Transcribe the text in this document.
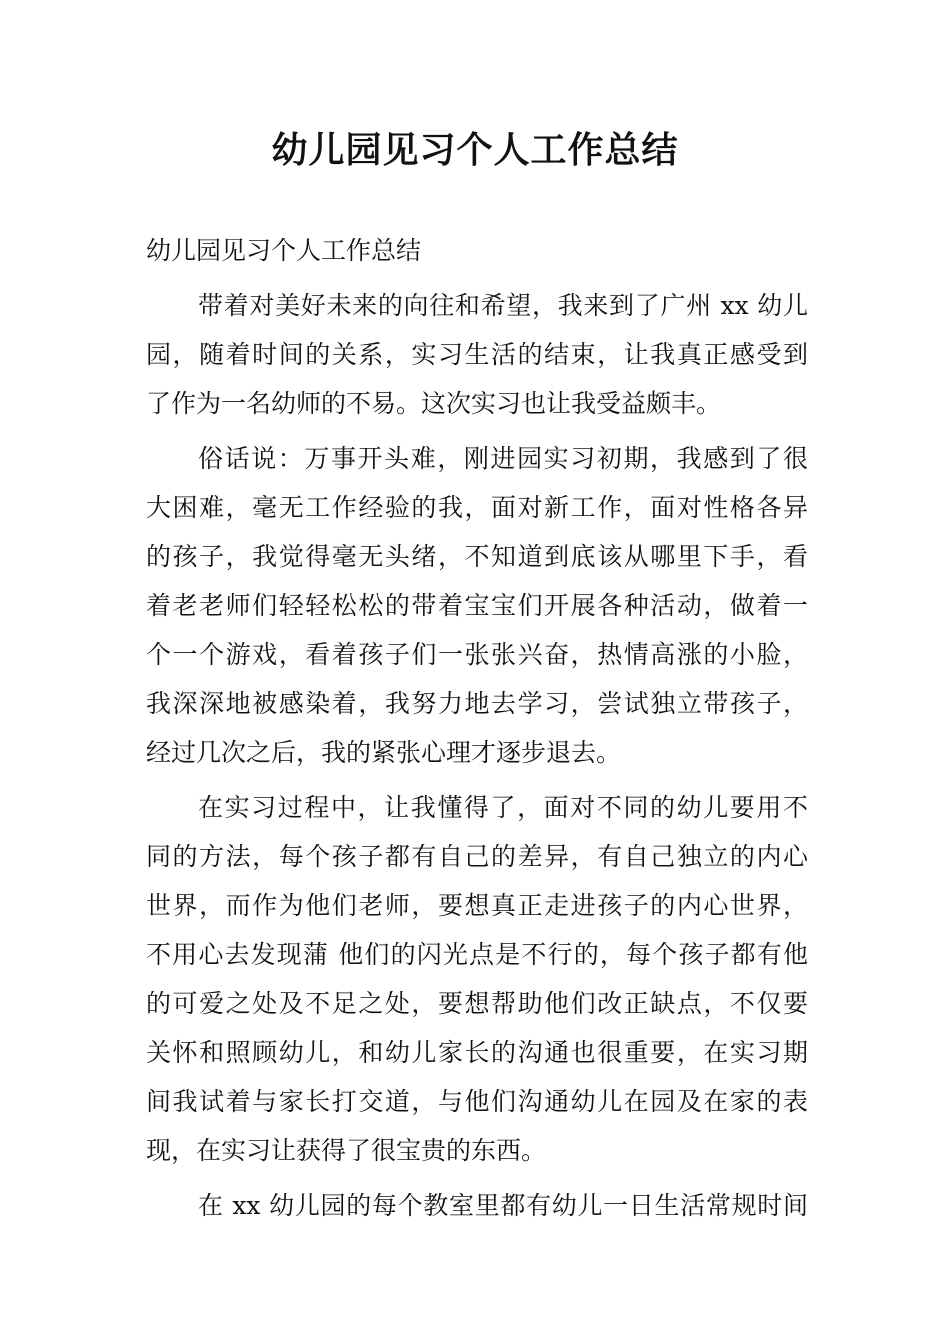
幼儿园见习个人工作总结
幼儿园见习个人工作总结
带着对美好未来的向往和希望，我来到了广州 xx 幼儿
园，随着时间的关系，实习生活的结束，让我真正感受到
了作为一名幼师的不易。这次实习也让我受益颇丰。
俗话说：万事开头难，刚进园实习初期，我感到了很
大困难，毫无工作经验的我，面对新工作，面对性格各异
的孩子，我觉得毫无头绪，不知道到底该从哪里下手，看
着老老师们轻轻松松的带着宝宝们开展各种活动，做着一
个一个游戏，看着孩子们一张张兴奋，热情高涨的小脸，
我深深地被感染着，我努力地去学习，尝试独立带孩子，
经过几次之后，我的紧张心理才逐步退去。
在实习过程中，让我懂得了，面对不同的幼儿要用不
同的方法，每个孩子都有自己的差异，有自己独立的内心
世界，而作为他们老师，要想真正走进孩子的内心世界，
不用心去发现蒲 他们的闪光点是不行的，每个孩子都有他
的可爱之处及不足之处，要想帮助他们改正缺点，不仅要
关怀和照顾幼儿，和幼儿家长的沟通也很重要，在实习期
间我试着与家长打交道，与他们沟通幼儿在园及在家的表
现，在实习让获得了很宝贵的东西。
在 xx 幼儿园的每个教室里都有幼儿一日生活常规时间
